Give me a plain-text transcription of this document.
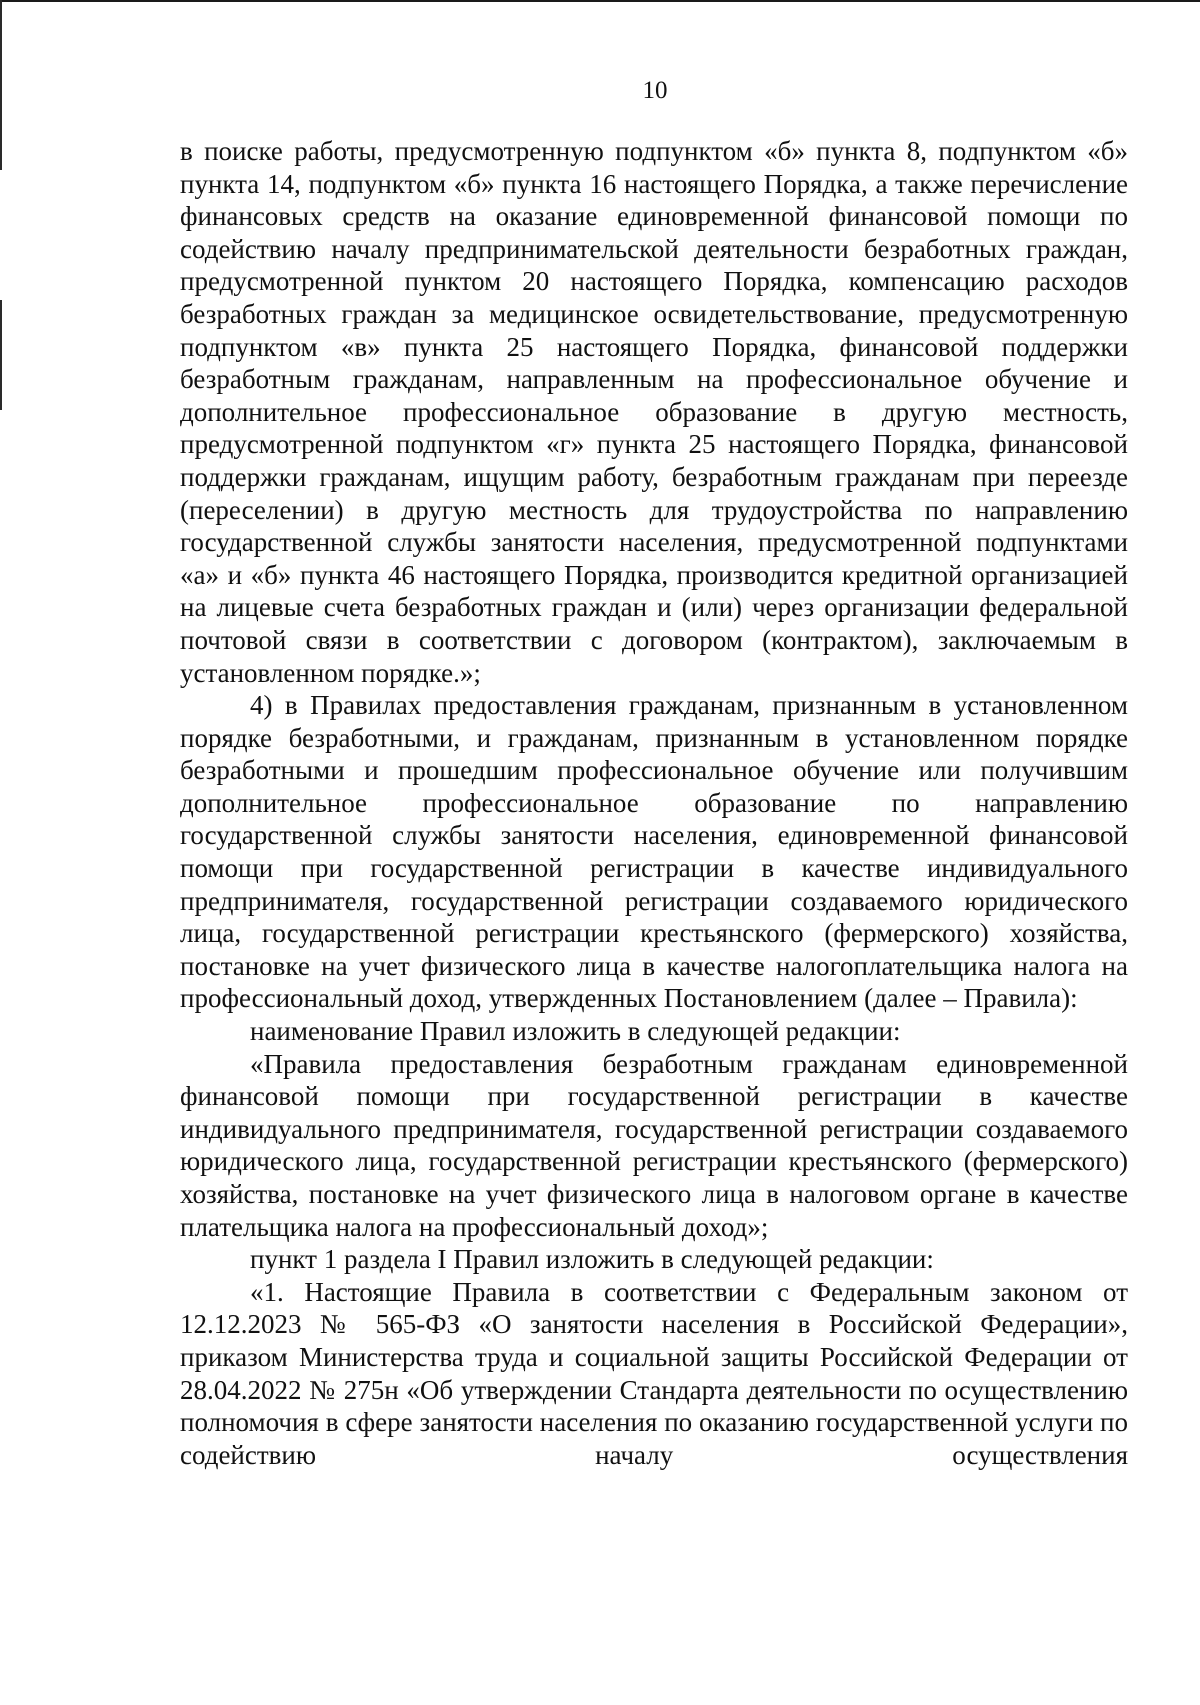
10

в поиске работы, предусмотренную подпунктом «б» пункта 8, подпунктом «б» пункта 14, подпунктом «б» пункта 16 настоящего Порядка, а также перечисление финансовых средств на оказание единовременной финансовой помощи по содействию началу предпринимательской деятельности безработных граждан, предусмотренной пунктом 20 настоящего Порядка, компенсацию расходов безработных граждан за медицинское освидетельствование, предусмотренную подпунктом «в» пункта 25 настоящего Порядка, финансовой поддержки безработным гражданам, направленным на профессиональное обучение и дополнительное профессиональное образование в другую местность, предусмотренной подпунктом «г» пункта 25 настоящего Порядка, финансовой поддержки гражданам, ищущим работу, безработным гражданам при переезде (переселении) в другую местность для трудоустройства по направлению государственной службы занятости населения, предусмотренной подпунктами «а» и «б» пункта 46 настоящего Порядка, производится кредитной организацией на лицевые счета безработных граждан и (или) через организации федеральной почтовой связи в соответствии с договором (контрактом), заключаемым в установленном порядке.»;

4) в Правилах предоставления гражданам, признанным в установленном порядке безработными, и гражданам, признанным в установленном порядке безработными и прошедшим профессиональное обучение или получившим дополнительное профессиональное образование по направлению государственной службы занятости населения, единовременной финансовой помощи при государственной регистрации в качестве индивидуального предпринимателя, государственной регистрации создаваемого юридического лица, государственной регистрации крестьянского (фермерского) хозяйства, постановке на учет физического лица в качестве налогоплательщика налога на профессиональный доход, утвержденных Постановлением (далее – Правила):

наименование Правил изложить в следующей редакции:

«Правила предоставления безработным гражданам единовременной финансовой помощи при государственной регистрации в качестве индивидуального предпринимателя, государственной регистрации создаваемого юридического лица, государственной регистрации крестьянского (фермерского) хозяйства, постановке на учет физического лица в налоговом органе в качестве плательщика налога на профессиональный доход»;

пункт 1 раздела I Правил изложить в следующей редакции:

«1. Настоящие Правила в соответствии с Федеральным законом от 12.12.2023 № 565-ФЗ «О занятости населения в Российской Федерации», приказом Министерства труда и социальной защиты Российской Федерации от 28.04.2022 № 275н «Об утверждении Стандарта деятельности по осуществлению полномочия в сфере занятости населения по оказанию государственной услуги по содействию началу осуществления
